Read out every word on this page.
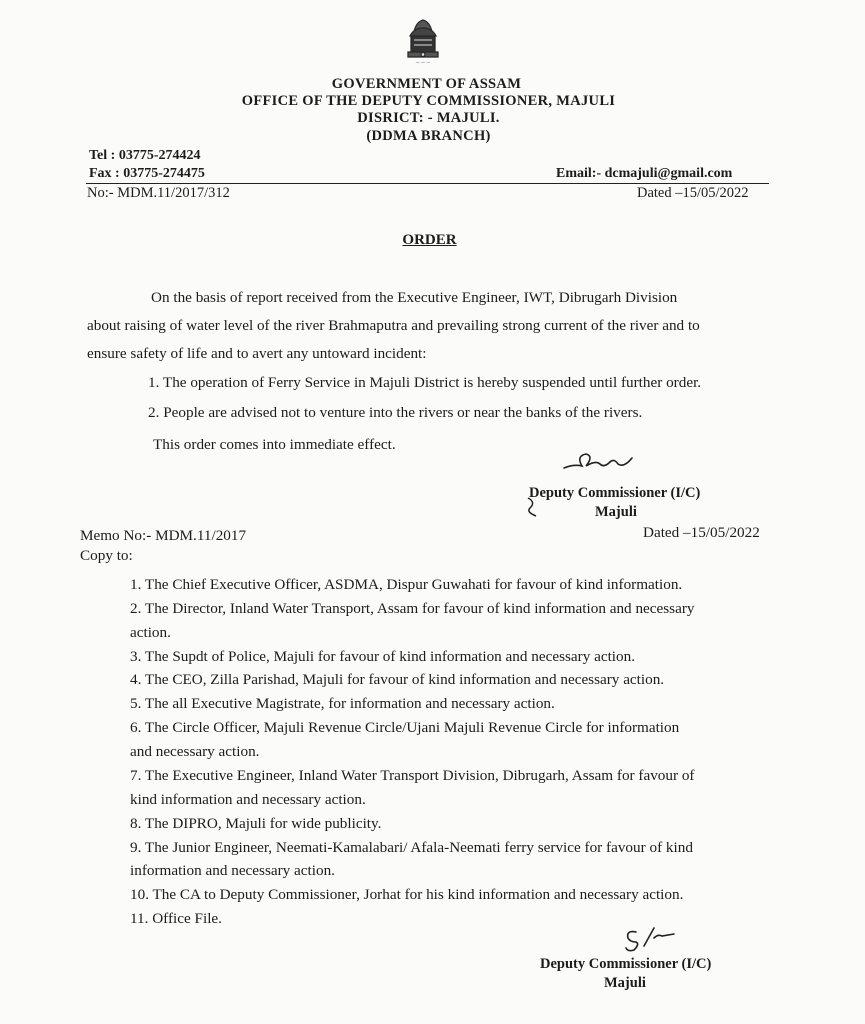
— — —
GOVERNMENT OF ASSAM
OFFICE OF THE DEPUTY COMMISSIONER, MAJULI
DISRICT: - MAJULI.
(DDMA BRANCH)
Tel : 03775-274424
Fax : 03775-274475	Email:- dcmajuli@gmail.com
No:- MDM.11/2017/312	Dated –15/05/2022
ORDER
On the basis of report received from the Executive Engineer, IWT, Dibrugarh Division
about raising of water level of the river Brahmaputra and prevailing strong current of the river and to
ensure safety of life and to avert any untoward incident:
1. The operation of Ferry Service in Majuli District is hereby suspended until further order.
2. People are advised not to venture into the rivers or near the banks of the rivers.
This order comes into immediate effect.
Deputy Commissioner (I/C)
Majuli
Memo No:- MDM.11/2017	Dated –15/05/2022
Copy to:
1. The Chief Executive Officer, ASDMA, Dispur Guwahati for favour of kind information.
2. The Director, Inland Water Transport, Assam for favour of kind information and necessary
action.
3. The Supdt of Police, Majuli for favour of kind information and necessary action.
4. The CEO, Zilla Parishad, Majuli for favour of kind information and necessary action.
5. The all Executive Magistrate, for information and necessary action.
6. The Circle Officer, Majuli Revenue Circle/Ujani Majuli Revenue Circle for information
and necessary action.
7. The Executive Engineer, Inland Water Transport Division, Dibrugarh, Assam for favour of
kind information and necessary action.
8. The DIPRO, Majuli for wide publicity.
9. The Junior Engineer, Neemati-Kamalabari/ Afala-Neemati ferry service for favour of kind
information and necessary action.
10. The CA to Deputy Commissioner, Jorhat for his kind information and necessary action.
11. Office File.
Deputy Commissioner (I/C)
Majuli
